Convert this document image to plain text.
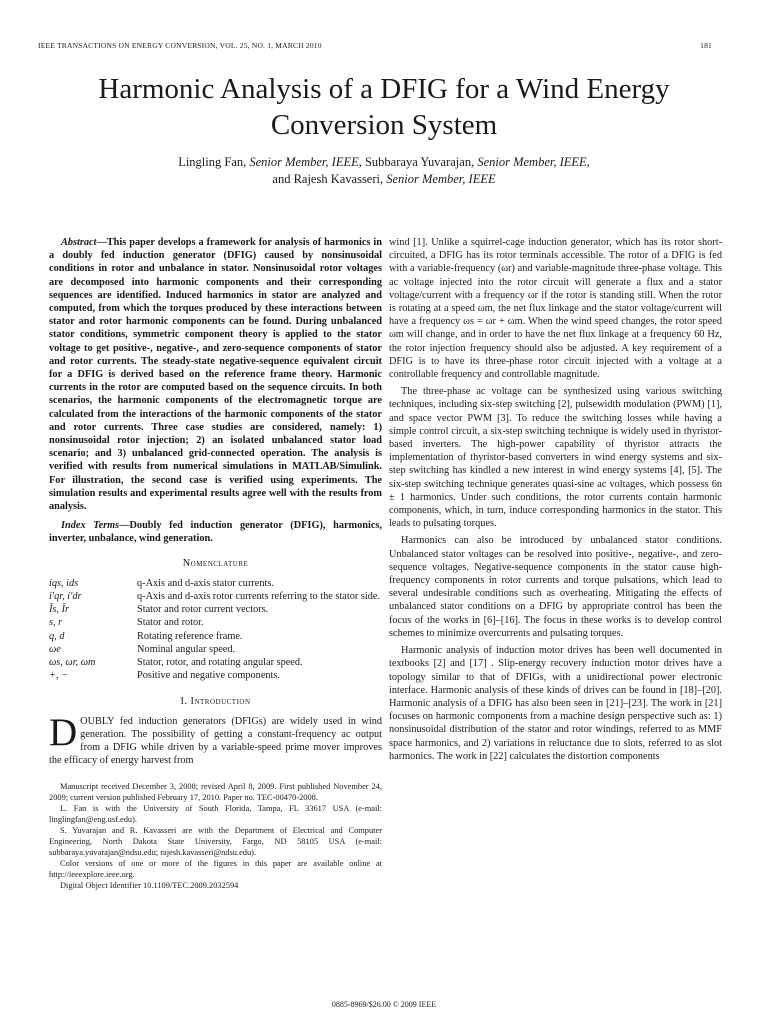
IEEE TRANSACTIONS ON ENERGY CONVERSION, VOL. 25, NO. 1, MARCH 2010	181
Harmonic Analysis of a DFIG for a Wind Energy
Conversion System
Lingling Fan, Senior Member, IEEE, Subbaraya Yuvarajan, Senior Member, IEEE,
and Rajesh Kavasseri, Senior Member, IEEE

Abstract—This paper develops a framework for analysis of harmonics in a doubly fed induction generator (DFIG) caused by nonsinusoidal conditions in rotor and unbalance in stator. Nonsinusoidal rotor voltages are decomposed into harmonic components and their corresponding sequences are identified. Induced harmonics in stator are analyzed and computed, from which the torques produced by these interactions between stator and rotor harmonic components can be found. During unbalanced stator conditions, symmetric component theory is applied to the stator voltage to get positive-, negative-, and zero-sequence components of stator and rotor currents. The steady-state negative-sequence equivalent circuit for a DFIG is derived based on the reference frame theory. Harmonic currents in the rotor are computed based on the sequence circuits. In both scenarios, the harmonic components of the electromagnetic torque are calculated from the interactions of the harmonic components of the stator and rotor currents. Three case studies are considered, namely: 1) nonsinusoidal rotor injection; 2) an isolated unbalanced stator load scenario; and 3) unbalanced grid-connected operation. The analysis is verified with results from numerical simulations in MATLAB/Simulink. For illustration, the second case is verified using experiments. The simulation results and experimental results agree well with the results from analysis.

Index Terms—Doubly fed induction generator (DFIG), harmonics, inverter, unbalance, wind generation.

Nomenclature
iqs, ids	q-Axis and d-axis stator currents.
i′qr, i′dr	q-Axis and d-axis rotor currents referring to the stator side.
Īs, Īr	Stator and rotor current vectors.
s, r	Stator and rotor.
q, d	Rotating reference frame.
ωe	Nominal angular speed.
ωs, ωr, ωm	Stator, rotor, and rotating angular speed.
+, −	Positive and negative components.
I. Introduction

DOUBLY fed induction generators (DFIGs) are widely used in wind generation. The possibility of getting a constant-frequency ac output from a DFIG while driven by a variable-speed prime mover improves the efficacy of energy harvest from

Manuscript received December 3, 2008; revised April 8, 2009. First published November 24, 2009; current version published February 17, 2010. Paper no. TEC-00470-2008.

L. Fan is with the University of South Florida, Tampa, FL 33617 USA (e-mail: linglingfan@eng.usf.edu).

S. Yuvarajan and R. Kavasseri are with the Department of Electrical and Computer Engineering, North Dakota State University, Fargo, ND 58105 USA (e-mail: subbaraya.yuvarajan@ndsu.edu; rajesh.kavasseri@ndsu.edu).

Color versions of one or more of the figures in this paper are available online at http://ieeexplore.ieee.org.

Digital Object Identifier 10.1109/TEC.2009.2032594

wind [1]. Unlike a squirrel-cage induction generator, which has its rotor short-circuited, a DFIG has its rotor terminals accessible. The rotor of a DFIG is fed with a variable-frequency (ωr) and variable-magnitude three-phase voltage. This ac voltage injected into the rotor circuit will generate a flux and a stator voltage/current with a frequency ωr if the rotor is standing still. When the rotor is rotating at a speed ωm, the net flux linkage and the stator voltage/current will have a frequency ωs = ωr + ωm. When the wind speed changes, the rotor speed ωm will change, and in order to have the net flux linkage at a frequency 60 Hz, the rotor injection frequency should also be adjusted. A key requirement of a DFIG is to have its three-phase rotor circuit injected with a voltage at a controllable frequency and controllable magnitude.

The three-phase ac voltage can be synthesized using various switching techniques, including six-step switching [2], pulsewidth modulation (PWM) [1], and space vector PWM [3]. To reduce the switching losses while having a simple control circuit, a six-step switching technique is widely used in thyristor-based inverters. The high-power capability of thyristor attracts the implementation of thyristor-based converters in wind energy systems and six-step switching has kindled a new interest in wind energy systems [4], [5]. The six-step switching technique generates quasi-sine ac voltages, which possess 6n ± 1 harmonics. Under such conditions, the rotor currents contain harmonic components, which, in turn, induce corresponding harmonics in the stator. This leads to pulsating torques.

Harmonics can also be introduced by unbalanced stator conditions. Unbalanced stator voltages can be resolved into positive-, negative-, and zero-sequence voltages. Negative-sequence components in the stator cause high-frequency components in rotor currents and torque pulsations, which lead to several undesirable conditions such as overheating. Mitigating the effects of unbalanced stator conditions on a DFIG by appropriate control has been the focus of the works in [6]–[16]. The focus in these works is to develop control schemes to minimize overcurrents and pulsating torques.

Harmonic analysis of induction motor drives has been well documented in textbooks [2] and [17] . Slip-energy recovery induction motor drives have a topology similar to that of DFIGs, with a unidirectional power electronic interface. Harmonic analysis of these kinds of drives can be found in [18]–[20]. Harmonic analysis of a DFIG has also been seen in [21]–[23]. The work in [21] focuses on harmonic components from a machine design perspective such as: 1) nonsinusoidal distribution of the stator and rotor windings, referred to as MMF space harmonics, and 2) variations in reluctance due to slots, referred to as slot harmonics. The work in [22] calculates the distortion components

0885-8969/$26.00 © 2009 IEEE
